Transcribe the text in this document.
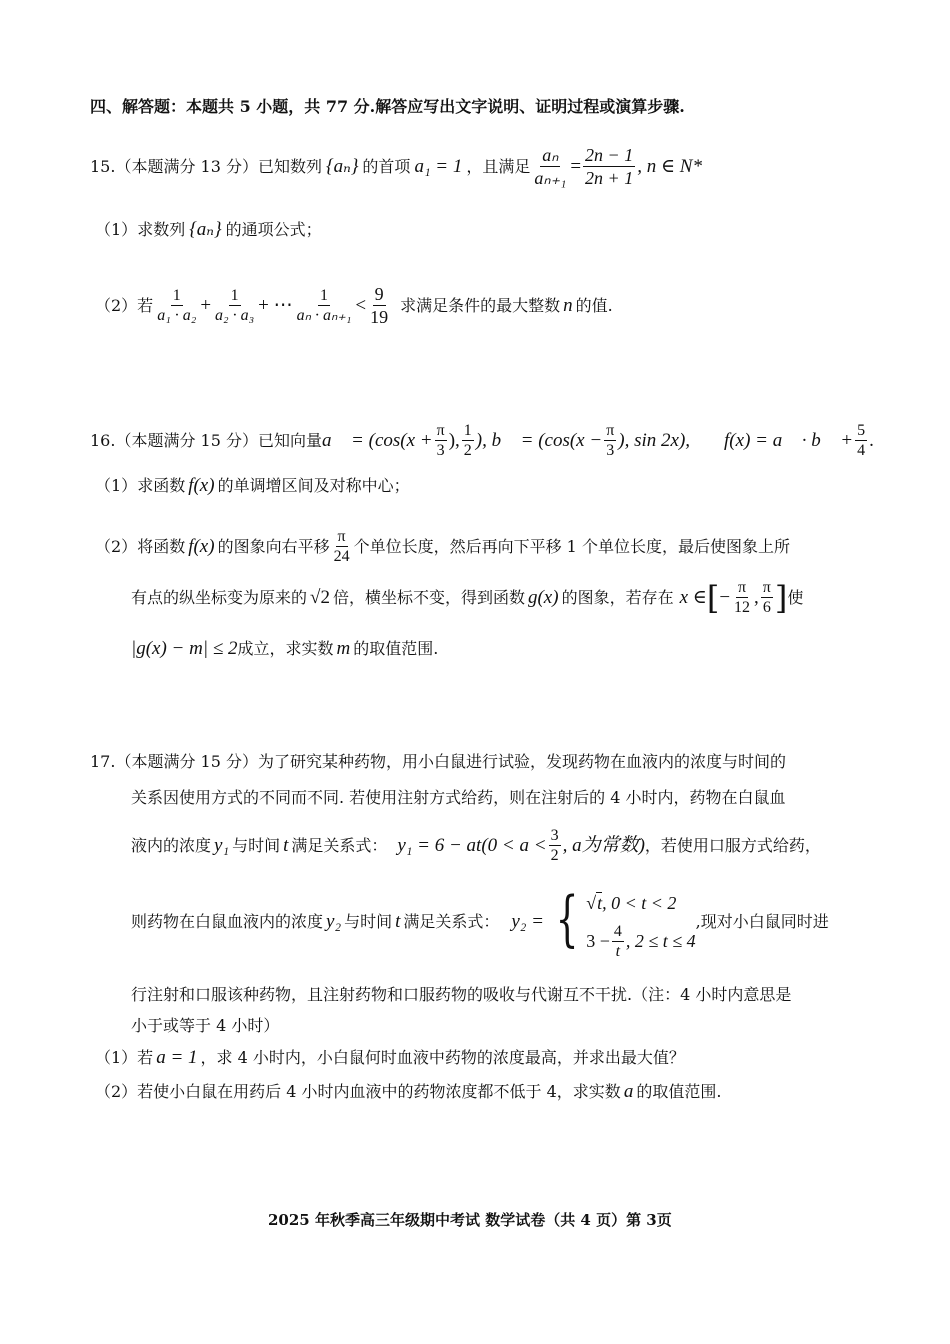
四、解答题：本题共 5 小题，共 77 分.解答应写出文字说明、证明过程或演算步骤.
15. （本题满分 13 分） 已知数列 {aₙ} 的首项 a₁ = 1 ，且满足 $\frac{\text{aₙ}}{\text{aₙ₊₁}} = \frac{2n - 1}{2n + 1}$ , n ∈ N*
（1） 求数列 {aₙ} 的通项公式；
（2）若 $\frac{1}{\text{a₁ · a₂}} + \frac{1}{\text{a₂ · a₃}}$ + ⋯ $\frac{1}{\text{aₙ · aₙ₊₁}} < \frac{9}{19}$ 求满足条件的最大整数 n 的值.
16. （本题满分 15 分） 已知向量 a⃗ = ($\cos(x + \frac{\pi}{3}$ ), $\frac{1}{2}$ ), b⃗ = ($\cos(x - \frac{\pi}{3}$ ), sin 2x), f(x) = a⃗ · b⃗ + $\frac{5}{4}$ .
（1） 求函数 f(x) 的单调增区间及对称中心；
（2） 将函数 f(x) 的图象向右平移 $\frac{\pi}{24}$ 个单位长度，然后再向下平移 1 个单位长度，最后使图象上所
有点的纵坐标变为原来的 √2 倍，横坐标不变，得到函数 g(x) 的图象，若存在 x ∈ [ − $\frac{\pi}{12}$ , $\frac{\pi}{6}$ ] 使
|g(x) − m| ≤ 2 成立，求实数 m 的取值范围.
17. （本题满分 15 分） 为了研究某种药物，用小白鼠进行试验，发现药物在血液内的浓度与时间的
关系因使用方式的不同而不同. 若使用注射方式给药，则在注射后的 4 小时内，药物在白鼠血
液内的浓度 y₁ 与时间 t 满足关系式： $y_1 = 6 - at(0 < a < \frac{3}{2}$ , a为常数) ，若使用口服方式给药，
则药物在白鼠血液内的浓度 y₂ 与时间 t 满足关系式： y₂ = { √t , 0 < t < 2
$3 - \frac{4}{t}$ , 2 ≤ t ≤ 4
,现对小白鼠同时进
行注射和口服该种药物，且注射药物和口服药物的吸收与代谢互不干扰.（注：4 小时内意思是
小于或等于 4 小时）
（1）若 a = 1 ，求 4 小时内，小白鼠何时血液中药物的浓度最高，并求出最大值？
（2）若使小白鼠在用药后 4 小时内血液中的药物浓度都不低于 4，求实数 a 的取值范围.
2025 年秋季高三年级期中考试 数学试卷（共 4 页）第 3页
